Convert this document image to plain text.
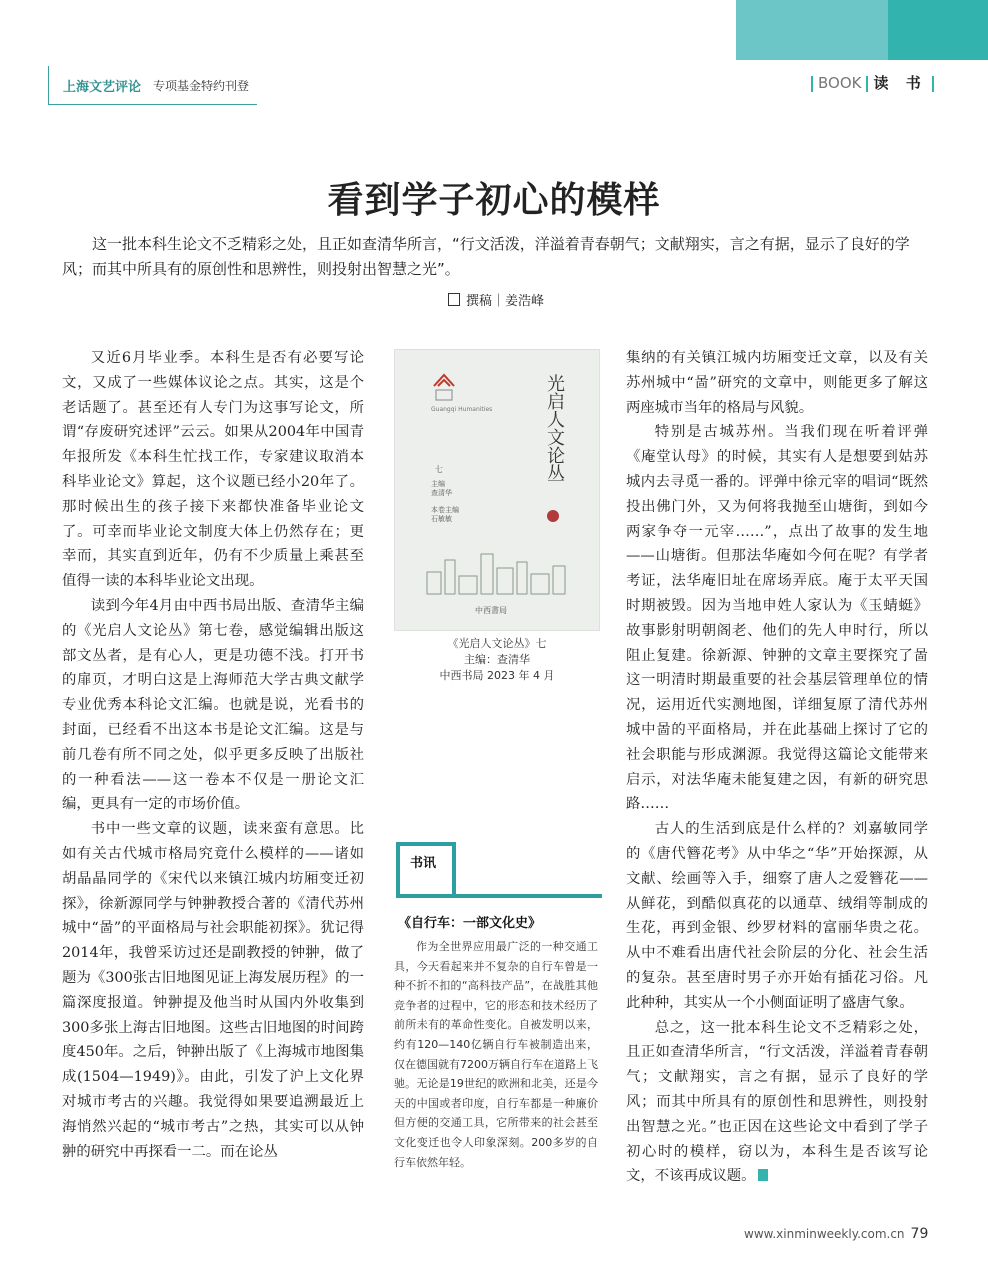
上海文艺评论 专项基金特约刊登	BOOK 读 书
看到学子初心的模样
这一批本科生论文不乏精彩之处，且正如查清华所言，“行文活泼，洋溢着青春朝气；文献翔实，言之有据，显示了良好的学风；而其中所具有的原创性和思辨性，则投射出智慧之光”。
撰稿｜姜浩峰

又近6月毕业季。本科生是否有必要写论文，又成了一些媒体议论之点。其实，这是个老话题了。甚至还有人专门为这事写论文，所谓“存废研究述评”云云。如果从2004年中国青年报所发《本科生忙找工作，专家建议取消本科毕业论文》算起，这个议题已经小20年了。那时候出生的孩子接下来都快准备毕业论文了。可幸而毕业论文制度大体上仍然存在；更幸而，其实直到近年，仍有不少质量上乘甚至值得一读的本科毕业论文出现。

读到今年4月由中西书局出版、查清华主编的《光启人文论丛》第七卷，感觉编辑出版这部文丛者，是有心人，更是功德不浅。打开书的扉页，才明白这是上海师范大学古典文献学专业优秀本科论文汇编。也就是说，光看书的封面，已经看不出这本书是论文汇编。这是与前几卷有所不同之处，似乎更多反映了出版社的一种看法——这一卷本不仅是一册论文汇编，更具有一定的市场价值。

书中一些文章的议题，读来蛮有意思。比如有关古代城市格局究竟什么模样的——诸如胡晶晶同学的《宋代以来镇江城内坊厢变迁初探》，徐新源同学与钟翀教授合著的《清代苏州城中“啚”的平面格局与社会职能初探》。犹记得2014年，我曾采访过还是副教授的钟翀，做了题为《300张古旧地图见证上海发展历程》的一篇深度报道。钟翀提及他当时从国内外收集到300多张上海古旧地图。这些古旧地图的时间跨度450年。之后，钟翀出版了《上海城市地图集成(1504—1949)》。由此，引发了沪上文化界对城市考古的兴趣。我觉得如果要追溯最近上海悄然兴起的“城市考古”之热，其实可以从钟翀的研究中再探看一二。而在论丛

Guangqi Humanities	光启人文论丛
七
主编
查清华
本卷主编
石敏敏
中西書局
《光启人文论丛》七
主编：查清华
中西书局 2023 年 4 月
书讯
《自行车：一部文化史》

作为全世界应用最广泛的一种交通工具，今天看起来并不复杂的自行车曾是一种不折不扣的“高科技产品”，在战胜其他竞争者的过程中，它的形态和技术经历了前所未有的革命性变化。自被发明以来，约有120—140亿辆自行车被制造出来，仅在德国就有7200万辆自行车在道路上飞驰。无论是19世纪的欧洲和北美，还是今天的中国或者印度，自行车都是一种廉价但方便的交通工具，它所带来的社会甚至文化变迁也令人印象深刻。200多岁的自行车依然年轻。

集纳的有关镇江城内坊厢变迁文章，以及有关苏州城中“啚”研究的文章中，则能更多了解这两座城市当年的格局与风貌。

特别是古城苏州。当我们现在听着评弹《庵堂认母》的时候，其实有人是想要到姑苏城内去寻觅一番的。评弹中徐元宰的唱词“既然投出佛门外，又为何将我抛至山塘街，到如今两家争夺一元宰……”，点出了故事的发生地——山塘街。但那法华庵如今何在呢？有学者考证，法华庵旧址在席场弄底。庵于太平天国时期被毁。因为当地申姓人家认为《玉蜻蜓》故事影射明朝阁老、他们的先人申时行，所以阻止复建。徐新源、钟翀的文章主要探究了啚这一明清时期最重要的社会基层管理单位的情况，运用近代实测地图，详细复原了清代苏州城中啚的平面格局，并在此基础上探讨了它的社会职能与形成渊源。我觉得这篇论文能带来启示，对法华庵未能复建之因，有新的研究思路……

古人的生活到底是什么样的？刘嘉敏同学的《唐代簪花考》从中华之“华”开始探源，从文献、绘画等入手，细察了唐人之爱簪花——从鲜花，到酷似真花的以通草、绒绢等制成的生花，再到金银、纱罗材料的富丽华贵之花。从中不难看出唐代社会阶层的分化、社会生活的复杂。甚至唐时男子亦开始有插花习俗。凡此种种，其实从一个小侧面证明了盛唐气象。

总之，这一批本科生论文不乏精彩之处，且正如查清华所言，“行文活泼，洋溢着青春朝气；文献翔实，言之有据，显示了良好的学风；而其中所具有的原创性和思辨性，则投射出智慧之光。”也正因在这些论文中看到了学子初心时的模样，窃以为，本科生是否该写论文，不该再成议题。

www.xinminweekly.com.cn 79
